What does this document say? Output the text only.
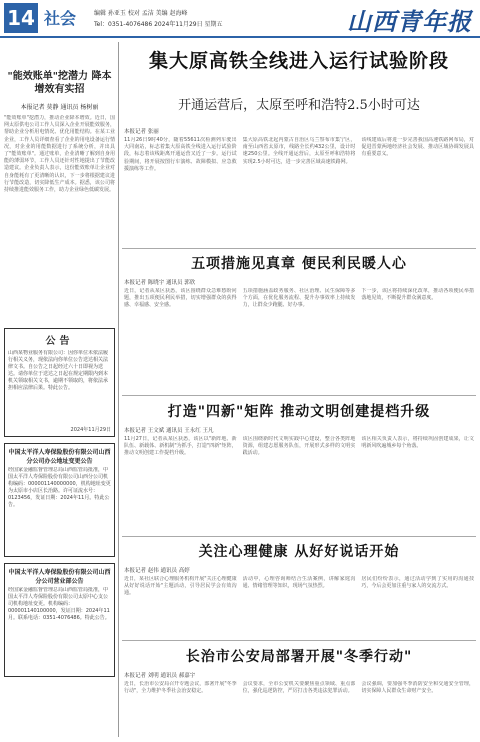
14 社会	编辑 孙亚玉 校对 孟洁 美编 赵海峰
Tel：0351-4076486 2024年11月29日 星期五	山西青年报
"能效账单"挖潜力 降本增效有实招
本报记者 莫静 通讯员 杨树丽
"能效账单"挖潜力，推动企业降本增效。近日，国网太原供电公司工作人员深入企业开展能效服务，帮助企业分析用电情况、优化用能结构。在某工业企业，工作人员详细查看了企业的用电设备运行情况，对企业的用能数据进行了系统分析，并出具了"能效账单"。通过账单，企业清晰了解到自身用能的薄弱环节，工作人员还针对性地提出了节能改造建议。企业负责人表示，这份能效账单让企业对自身能耗有了更清晰的认识，下一步将根据建议进行节能改造，切实降低生产成本。据悉，该公司将持续推进能效服务工作，助力企业绿色低碳发展。
公告
山西某物业服务有限公司：因你单位未依法履行相关义务，现依法向你单位公告送达相关法律文书。自公告之日起经过六十日即视为送达。请你单位于送达之日起在规定期限内到本机关领取相关文书，逾期不领取的，将依法承担相应法律后果。特此公告。
2024年11月29日
中国太平洋人寿保险股份有限公司山西分公司办公地址变更公告
经国家金融监督管理总局山西监管局批准，中国太平洋人寿保险股份有限公司山西分公司机构编码：000001140000000，机构地址变更为太原市小店区长治路。许可证流水号：0123456，发证日期：2024年11月。特此公告。
中国太平洋人寿保险股份有限公司山西分公司营业部公告
经国家金融监督管理总局山西监管局批准，中国太平洋人寿保险股份有限公司太原中心支公司机构地址变更。机构编码：000001140100000，发证日期：2024年11月。联系电话：0351-4076486。特此公告。
集大原高铁全线进入运行试验阶段
开通运营后，太原至呼和浩特2.5小时可达
本报记者 张丽
11月26日9时40分，随着55611次检测列车驶出大同南站，标志着集大原高铁全线进入运行试验阶段，标志着该线距离开通运营又近了一步。运行试验期间，将开展按图行车演练、故障模拟、应急救援演练等工作。
集大原高铁北起内蒙古自治区乌兰察布市集宁区，南至山西省太原市，线路全长约432公里，设计时速250公里。全线开通运营后，太原至呼和浩特将实现2.5小时可达，进一步完善区域高速铁路网。
该线建成后将进一步完善我国高速铁路网布局，对促进晋蒙两地经济社会发展、推动区域协调发展具有重要意义。
五项措施见真章 便民利民暖人心
本报记者 陈晓宇 通讯员 郭欣
近日，记者从某区获悉，该区围绕群众急难愁盼问题，推出五项便民利民举措，切实增强群众的获得感、幸福感、安全感。
五项措施涵盖政务服务、社区治理、民生保障等多个方面，在优化服务流程、提升办事效率上持续发力，让群众少跑腿、好办事。
下一步，该区将持续深化改革，推动各项便民举措落地见效，不断提升群众满意度。
打造"四新"矩阵 推动文明创建提档升级
本报记者 王文斌 通讯员 王永红 王凡
11月27日，记者从某区获悉，该区以"新阵地、新队伍、新载体、新机制"为抓手，打造"四新"矩阵，推动文明创建工作提档升级。
该区围绕新时代文明实践中心建设，整合各类阵地资源，组建志愿服务队伍，开展形式多样的文明实践活动。
该区相关负责人表示，将持续巩固创建成果，让文明新风吹遍城乡每个角落。
关注心理健康 从好好说话开始
本报记者 赵伟 通讯员 高婷
近日，某社区联合心理服务机构开展"关注心理健康 从好好说话开始"主题活动，引导居民学会有效沟通。
活动中，心理咨询师结合生活案例，讲解家庭沟通、情绪管理等知识，现场气氛热烈。
居民们纷纷表示，通过活动学到了实用的沟通技巧，今后会更加注重与家人的交流方式。
长治市公安局部署开展"冬季行动"
本报记者 刘明 通讯员 郝嘉宇
近日，长治市公安局召开专题会议，部署开展"冬季行动"，全力维护冬季社会治安稳定。
会议要求，全市公安机关要聚焦重点领域、重点部位，强化巡逻防控，严厉打击各类违法犯罪活动。
会议强调，要加强冬季消防安全和交通安全管理，切实保障人民群众生命财产安全。
